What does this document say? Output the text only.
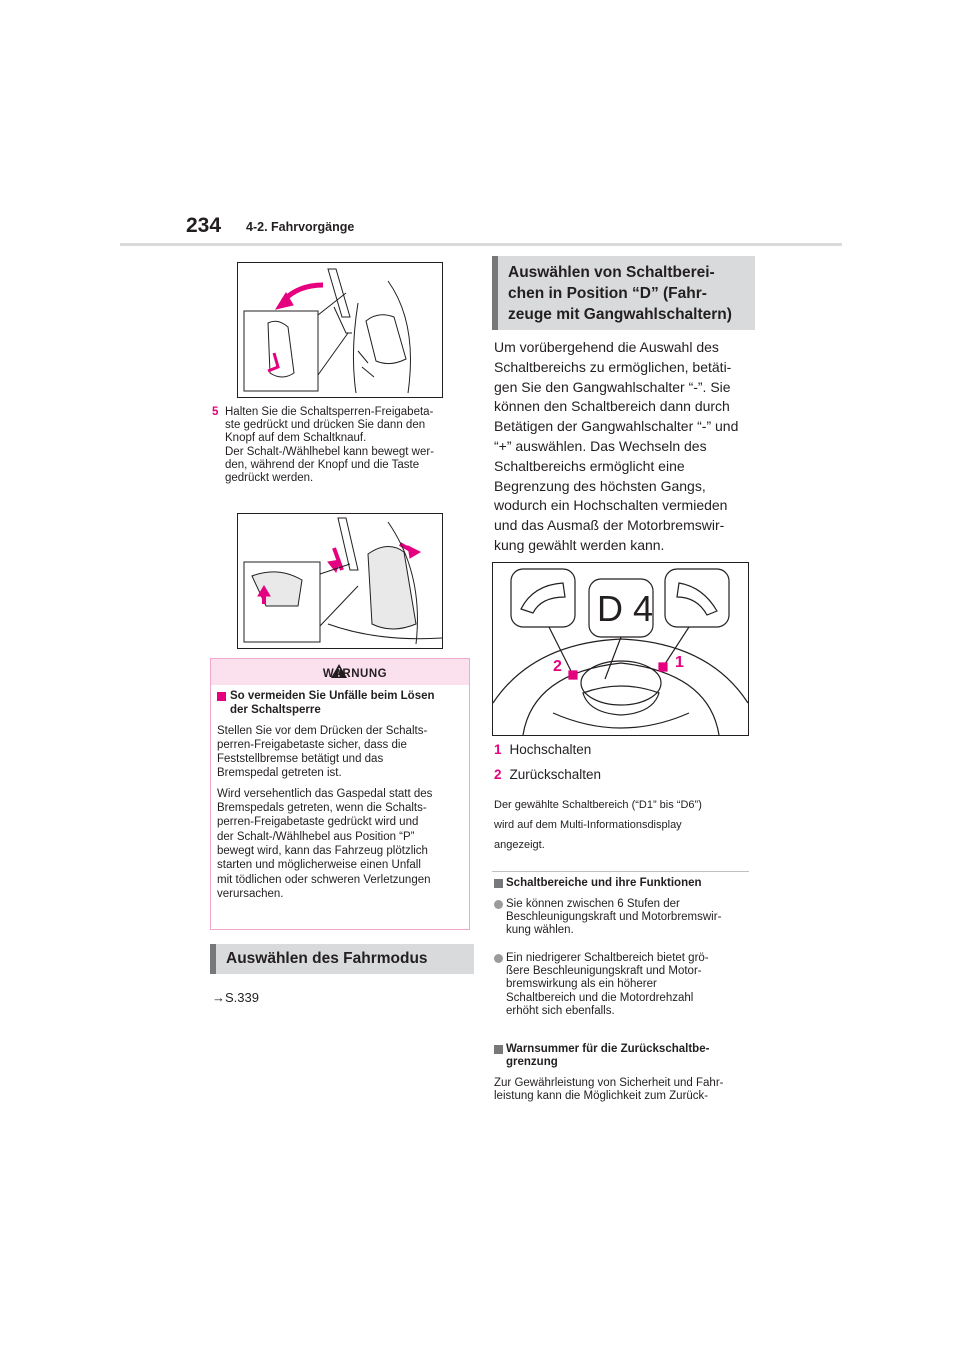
234 4-2. Fahrvorgänge
5 Halten Sie die Schaltsperren-Freigabeta-

ste gedrückt und drücken Sie dann den

Knopf auf dem Schaltknauf.

Der Schalt-/Wählhebel kann bewegt wer-

den, während der Knopf und die Taste

gedrückt werden.

WARNUNG

So vermeiden Sie Unfälle beim Lösen
der Schaltsperre

Stellen Sie vor dem Drücken der Schalts-
perren-Freigabetaste sicher, dass die
Feststellbremse betätigt und das
Bremspedal getreten ist.

Wird versehentlich das Gaspedal statt des
Bremspedals getreten, wenn die Schalts-
perren-Freigabetaste gedrückt wird und
der Schalt-/Wählhebel aus Position “P”
bewegt wird, kann das Fahrzeug plötzlich
starten und möglicherweise einen Unfall
mit tödlichen oder schweren Verletzungen
verursachen.

Auswählen des Fahrmodus
→S.339
Auswählen von Schaltberei-
chen in Position “D” (Fahr-
zeuge mit Gangwahlschaltern)
Um vorübergehend die Auswahl des
Schaltbereichs zu ermöglichen, betäti-
gen Sie den Gangwahlschalter “-”. Sie
können den Schaltbereich dann durch
Betätigen der Gangwahlschalter “-” und
“+” auswählen. Das Wechseln des
Schaltbereichs ermöglicht eine
Begrenzung des höchsten Gangs,
wodurch ein Hochschalten vermieden
und das Ausmaß der Motorbremswir-
kung gewählt werden kann.
D 4
2	1
1 Hochschalten
2 Zurückschalten
Der gewählte Schaltbereich (“D1” bis “D6”)
wird auf dem Multi-Informationsdisplay
angezeigt.
Schaltbereiche und ihre Funktionen
Sie können zwischen 6 Stufen der
Beschleunigungskraft und Motorbremswir-
kung wählen.
Ein niedrigerer Schaltbereich bietet grö-
ßere Beschleunigungskraft und Motor-
bremswirkung als ein höherer
Schaltbereich und die Motordrehzahl
erhöht sich ebenfalls.
Warnsummer für die Zurückschaltbe-
grenzung
Zur Gewährleistung von Sicherheit und Fahr-
leistung kann die Möglichkeit zum Zurück-
